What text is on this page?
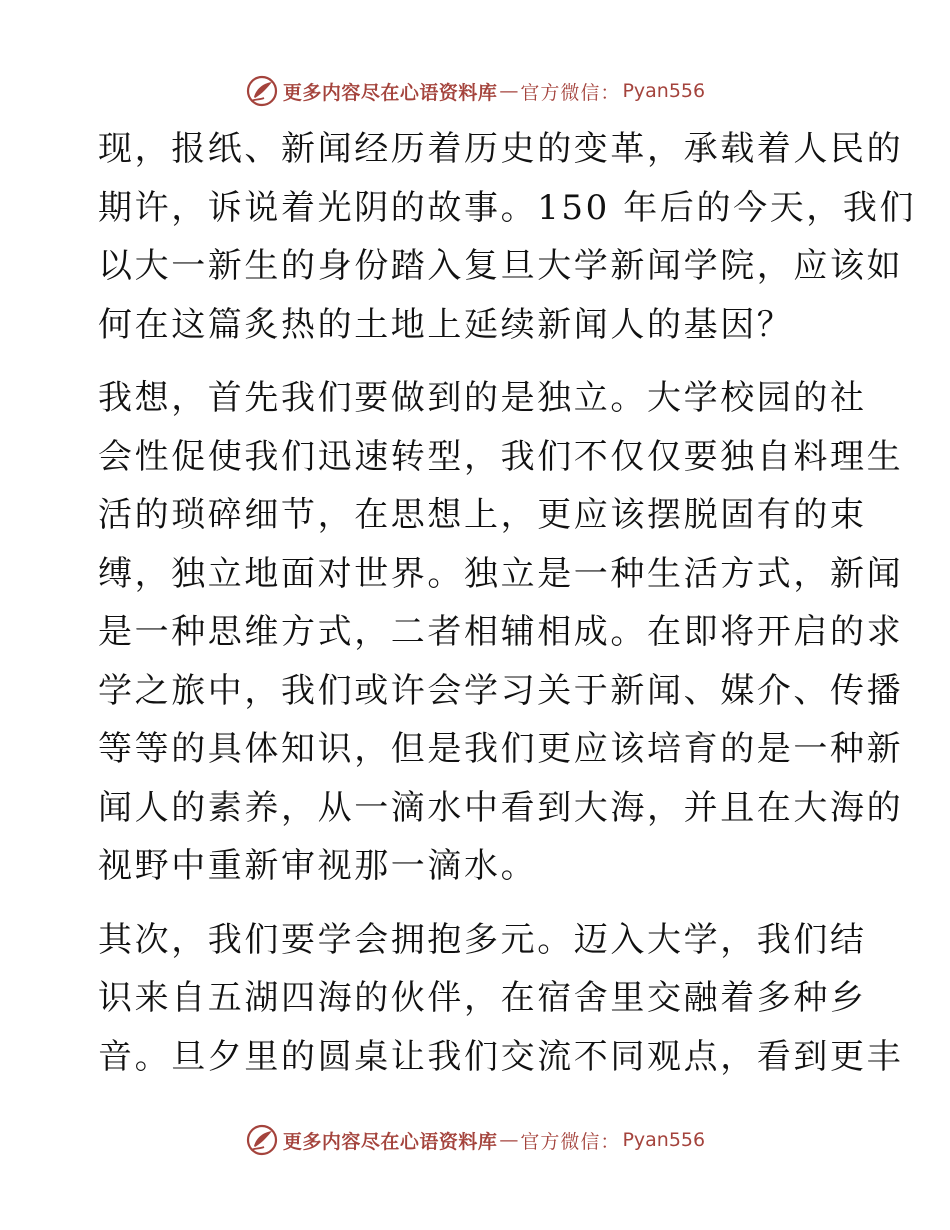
更多内容尽在心语资料库 — 官方微信： Pyan556

现，报纸、新闻经历着历史的变革，承载着人民的
期许，诉说着光阴的故事。150 年后的今天，我们
以大一新生的身份踏入复旦大学新闻学院，应该如
何在这篇炙热的土地上延续新闻人的基因？

我想，首先我们要做到的是独立。大学校园的社
会性促使我们迅速转型，我们不仅仅要独自料理生
活的琐碎细节，在思想上，更应该摆脱固有的束
缚，独立地面对世界。独立是一种生活方式，新闻
是一种思维方式，二者相辅相成。在即将开启的求
学之旅中，我们或许会学习关于新闻、媒介、传播
等等的具体知识，但是我们更应该培育的是一种新
闻人的素养，从一滴水中看到大海，并且在大海的
视野中重新审视那一滴水。

其次，我们要学会拥抱多元。迈入大学，我们结
识来自五湖四海的伙伴，在宿舍里交融着多种乡
音。旦夕里的圆桌让我们交流不同观点，看到更丰

更多内容尽在心语资料库 — 官方微信： Pyan556
